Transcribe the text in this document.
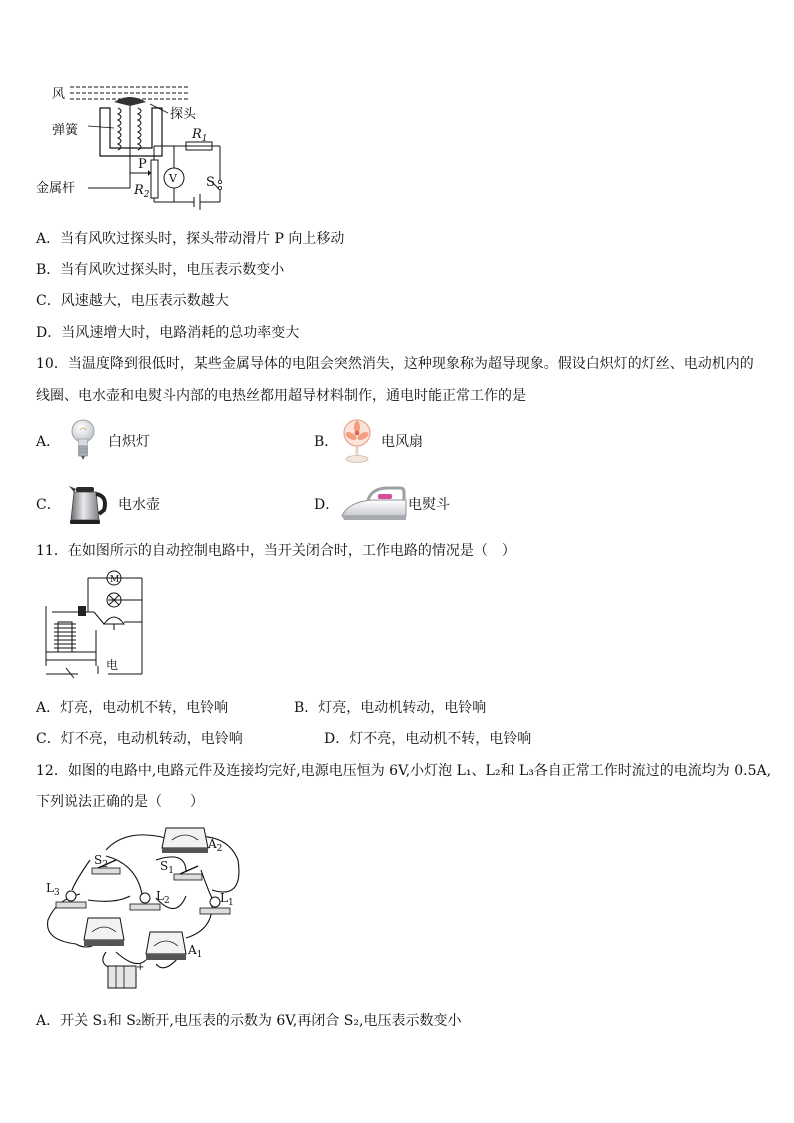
风
探头
弹簧
V
P
$R_1$
$R_2$
S
金属杆
A．当有风吹过探头时，探头带动滑片 P 向上移动
B．当有风吹过探头时，电压表示数变小
C．风速越大，电压表示数越大
D．当风速增大时，电路消耗的总功率变大
10．当温度降到很低时，某些金属导体的电阻会突然消失，这种现象称为超导现象。假设白炽灯的灯丝、电动机内的
线圈、电水壶和电熨斗内部的电热丝都用超导材料制作，通电时能正常工作的是
A．	白炽灯	B．	电风扇
C．	电水壶	D．	电熨斗
11．在如图所示的自动控制电路中，当开关闭合时，工作电路的情况是（　）
M
电
A．灯亮，电动机不转，电铃响	B．灯亮，电动机转动，电铃响
C．灯不亮，电动机转动，电铃响	D．灯不亮，电动机不转，电铃响
12．如图的电路中,电路元件及连接均完好,电源电压恒为 6V,小灯泡 L₁、L₂和 L₃各自正常工作时流过的电流均为 0.5A,
下列说法正确的是（　　）
$A_2$
$S_2$	$S_1$
$L_3$	$L_2$	$L_1$
$A_1$
+
A．开关 S₁和 S₂断开,电压表的示数为 6V,再闭合 S₂,电压表示数变小
